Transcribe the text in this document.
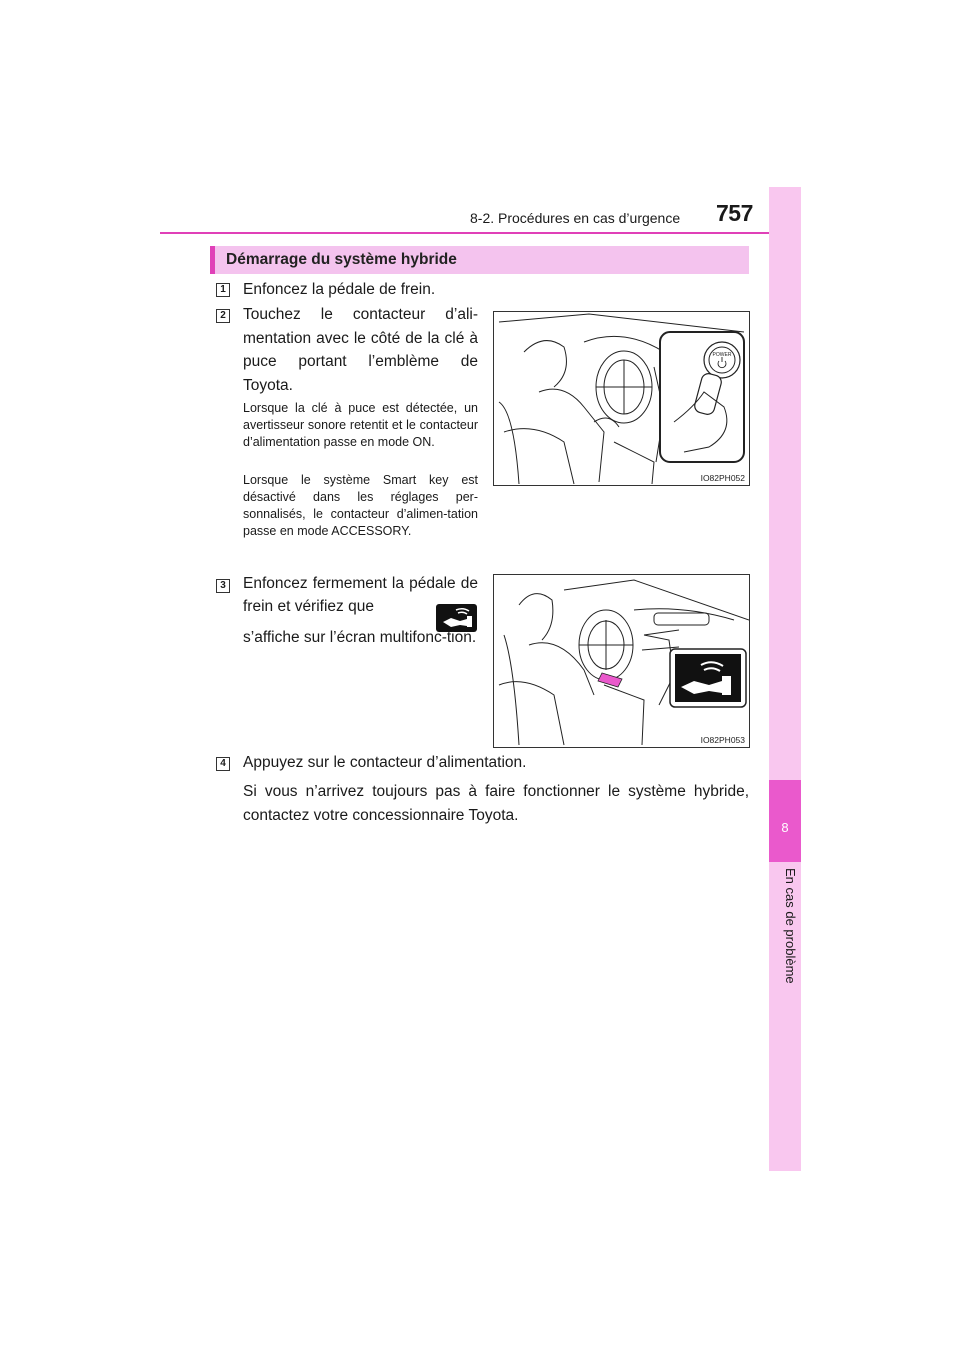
8-2. Procédures en cas d’urgence 757
8
En cas de problème
Démarrage du système hybride
1 Enfoncez la pédale de frein.
2 Touchez le contacteur d’ali-mentation avec le côté de la clé à puce portant l’emblème de Toyota.
Lorsque la clé à puce est détectée, un avertisseur sonore retentit et le contacteur d’alimentation passe en mode ON.
Lorsque le système Smart key est désactivé dans les réglages per-sonnalisés, le contacteur d’alimen-tation passe en mode ACCESSORY.
POWER
IO82PH052
3 Enfoncez fermement la pédale de frein et vérifiez que
s’affiche sur l’écran multifonc-tion.
IO82PH053
4 Appuyez sur le contacteur d’alimentation.
Si vous n’arrivez toujours pas à faire fonctionner le système hybride, contactez votre concessionnaire Toyota.
